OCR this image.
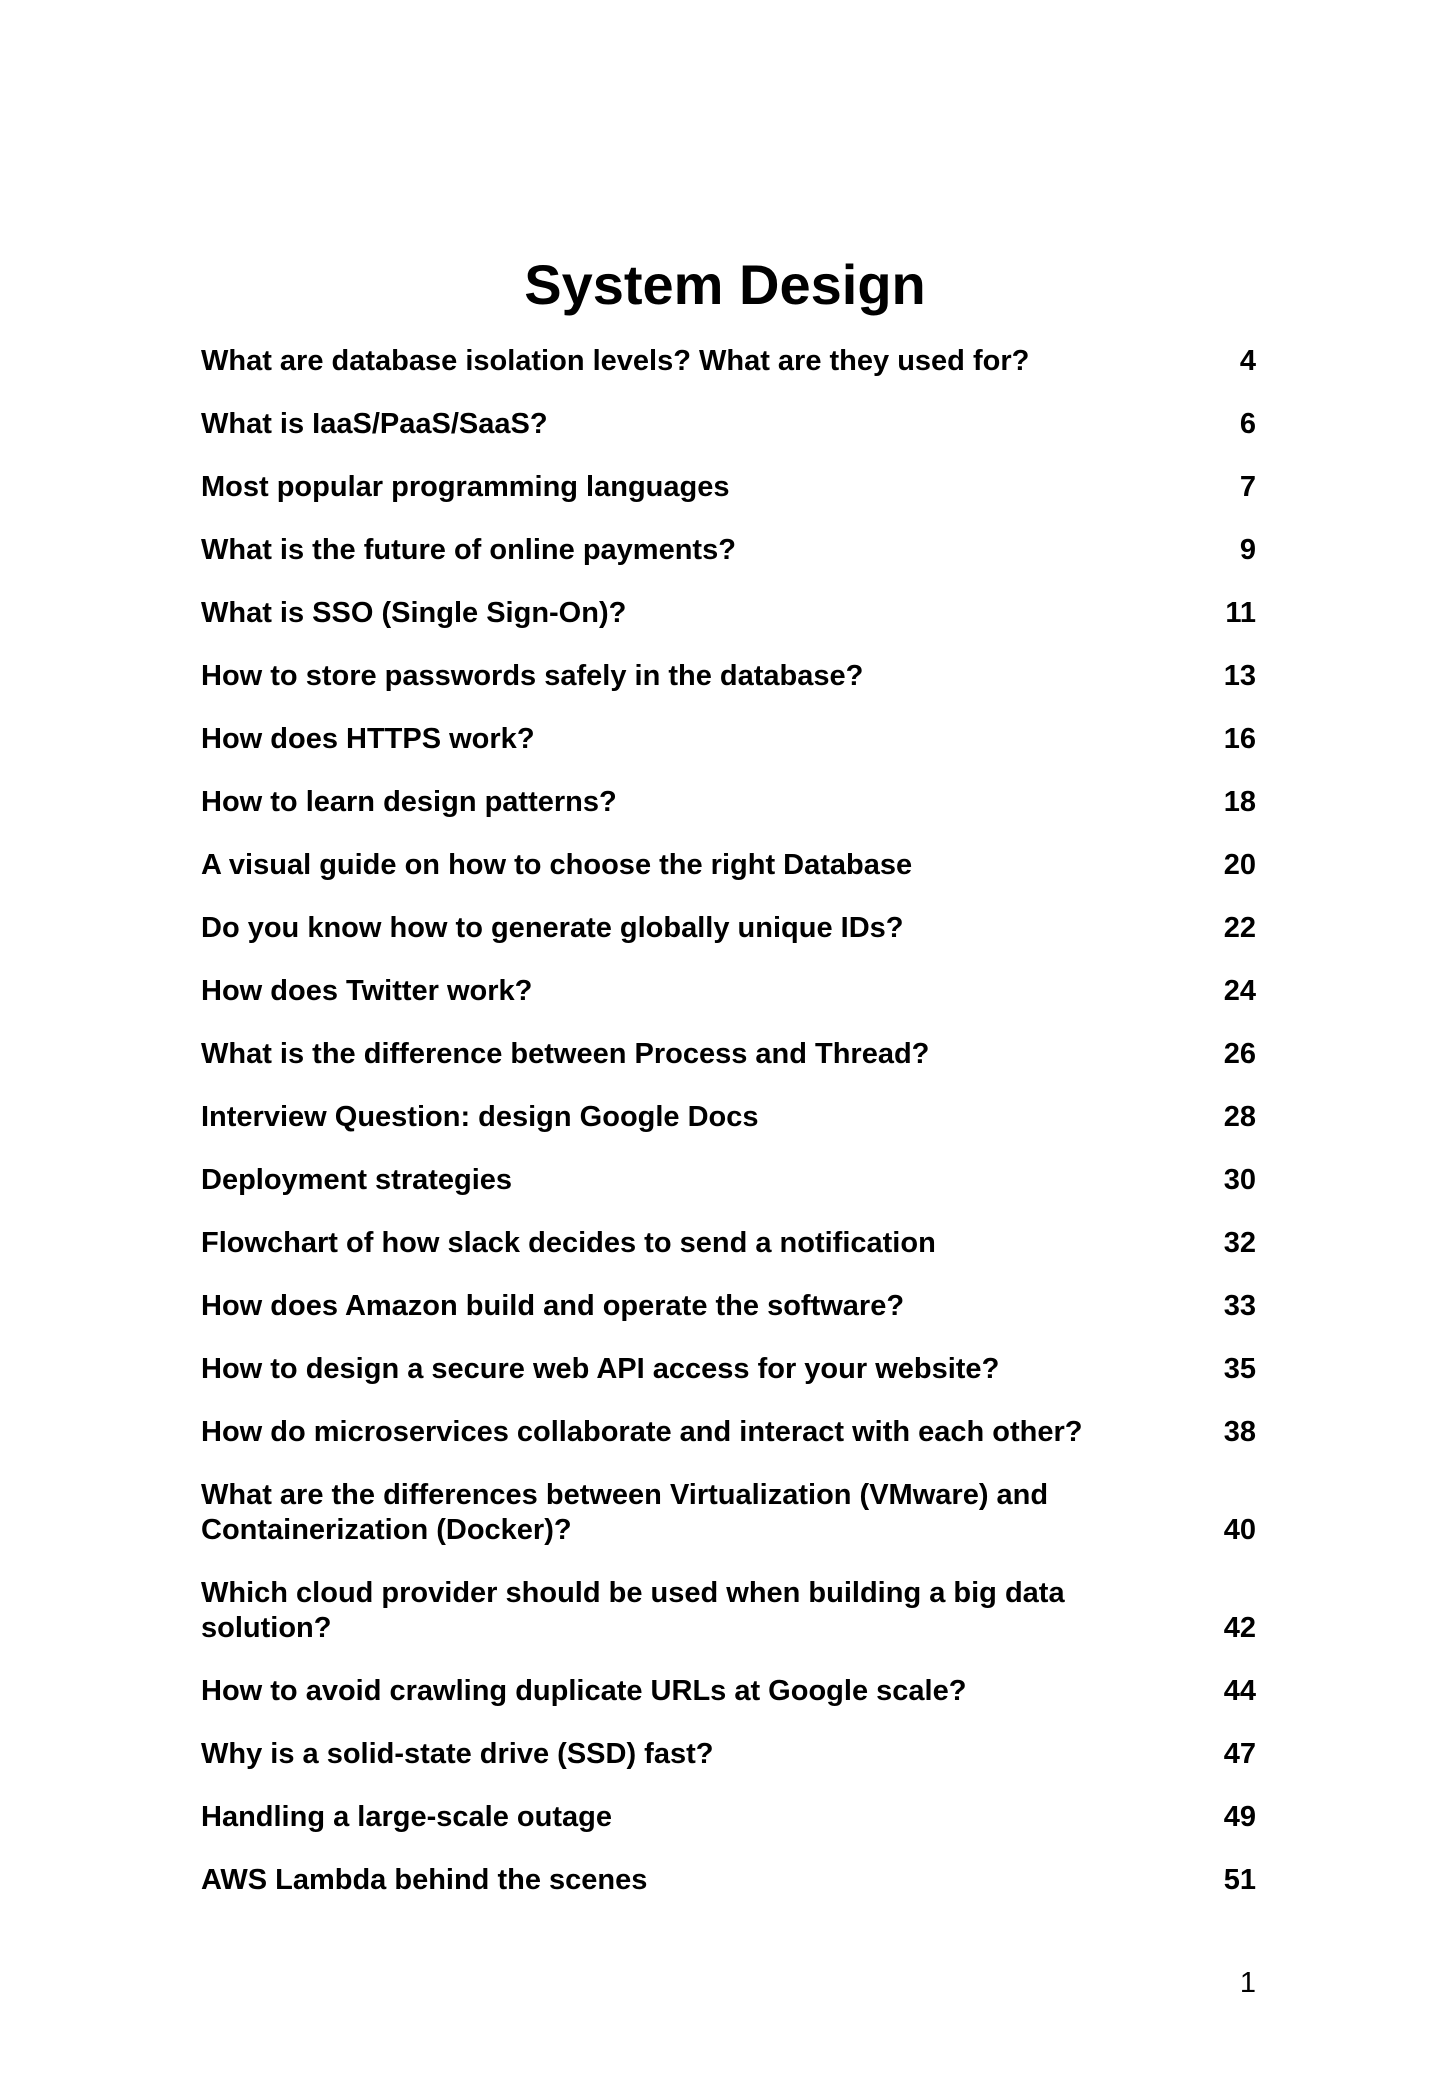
System Design
What are database isolation levels? What are they used for?	4
What is IaaS/PaaS/SaaS?	6
Most popular programming languages	7
What is the future of online payments?	9
What is SSO (Single Sign-On)?	11
How to store passwords safely in the database?	13
How does HTTPS work?	16
How to learn design patterns?	18
A visual guide on how to choose the right Database	20
Do you know how to generate globally unique IDs?	22
How does Twitter work?	24
What is the difference between Process and Thread?	26
Interview Question: design Google Docs	28
Deployment strategies	30
Flowchart of how slack decides to send a notification	32
How does Amazon build and operate the software?	33
How to design a secure web API access for your website?	35
How do microservices collaborate and interact with each other?	38
What are the differences between Virtualization (VMware) and Containerization (Docker)?	40
Which cloud provider should be used when building a big data solution?	42
How to avoid crawling duplicate URLs at Google scale?	44
Why is a solid-state drive (SSD) fast?	47
Handling a large-scale outage	49
AWS Lambda behind the scenes	51
1
